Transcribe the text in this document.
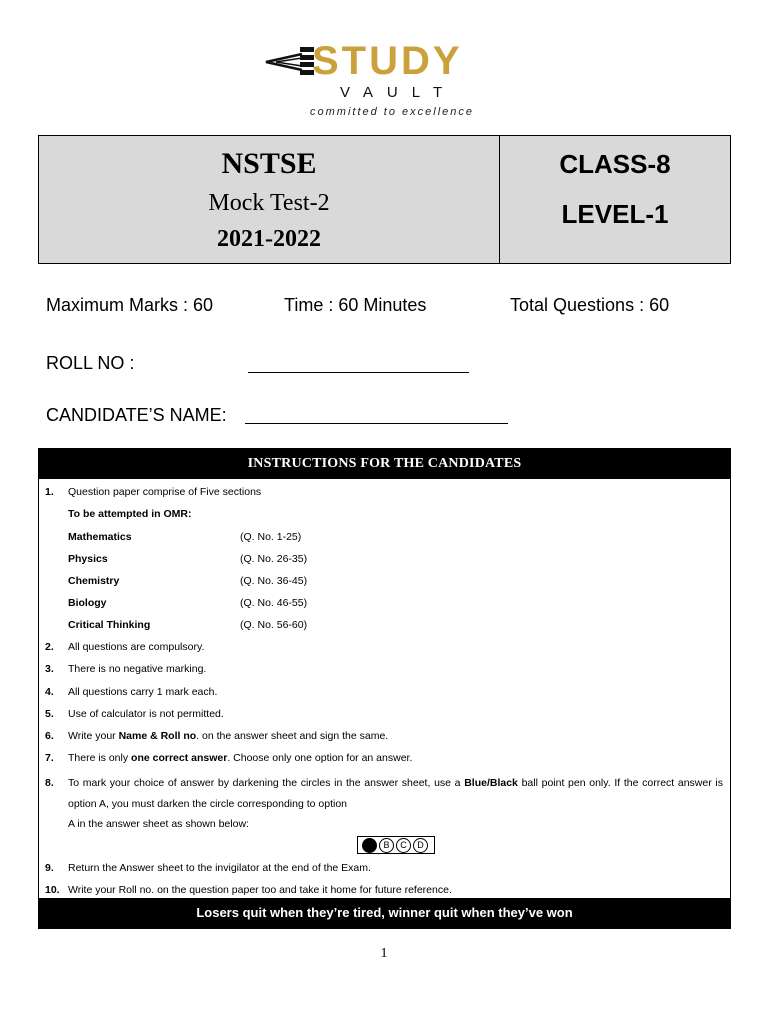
STUDY
VAULT
committed to excellence
NSTSE
Mock Test-2
2021-2022
CLASS-8
LEVEL-1
Maximum Marks : 60	Time : 60 Minutes	Total Questions : 60
ROLL NO :
CANDIDATE’S NAME:
INSTRUCTIONS FOR THE CANDIDATES
1.	Question paper comprise of Five sections
To be attempted in OMR:
Mathematics	(Q. No. 1-25)
Physics	(Q. No. 26-35)
Chemistry	(Q. No. 36-45)
Biology	(Q. No. 46-55)
Critical Thinking	(Q. No. 56-60)
2.	All questions are compulsory.
3.	There is no negative marking.
4.	All questions carry 1 mark each.
5.	Use of calculator is not permitted.
6.	Write your Name & Roll no. on the answer sheet and sign the same.
7.	There is only one correct answer. Choose only one option for an answer.
8.	To mark your choice of answer by darkening the circles in the answer sheet, use a Blue/Black ball point pen only. If the correct answer is option A, you must darken the circle corresponding to option
A in the answer sheet as shown below:
B	C	D
9.	Return the Answer sheet to the invigilator at the end of the Exam.
10. Write your Roll no. on the question paper too and take it home for future reference.
Losers quit when they’re tired, winner quit when they’ve won
1
